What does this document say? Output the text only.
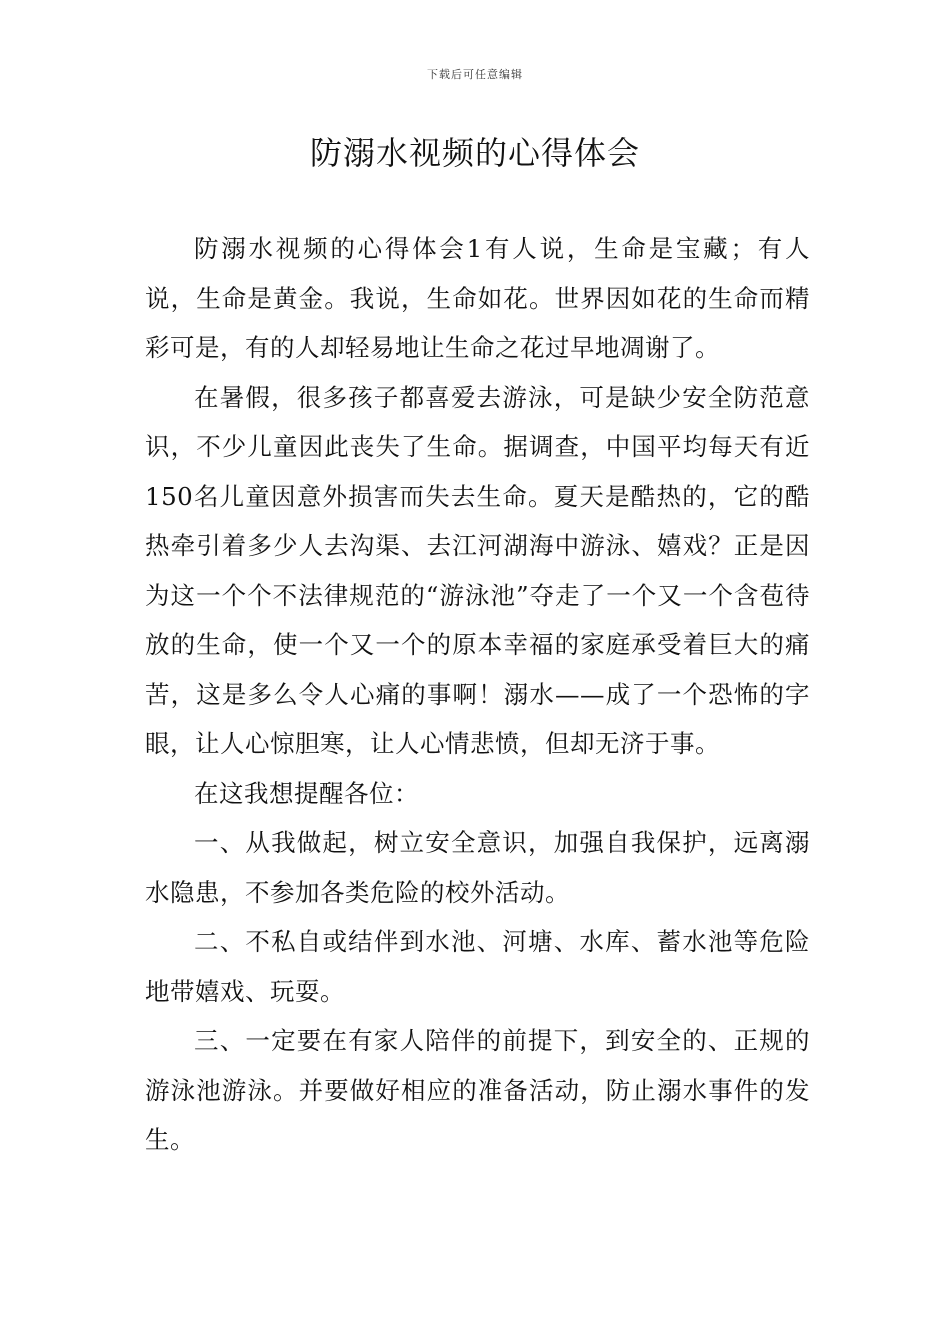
下载后可任意编辑
防溺水视频的心得体会

防溺水视频的心得体会1有人说，生命是宝藏；有人说，生命是黄金。我说，生命如花。世界因如花的生命而精彩可是，有的人却轻易地让生命之花过早地凋谢了。

在暑假，很多孩子都喜爱去游泳，可是缺少安全防范意识，不少儿童因此丧失了生命。据调查，中国平均每天有近150名儿童因意外损害而失去生命。夏天是酷热的，它的酷热牵引着多少人去沟渠、去江河湖海中游泳、嬉戏？正是因为这一个个不法律规范的“游泳池”夺走了一个又一个含苞待放的生命，使一个又一个的原本幸福的家庭承受着巨大的痛苦，这是多么令人心痛的事啊！溺水——成了一个恐怖的字眼，让人心惊胆寒，让人心情悲愤，但却无济于事。

在这我想提醒各位：

一、从我做起，树立安全意识，加强自我保护，远离溺水隐患，不参加各类危险的校外活动。

二、不私自或结伴到水池、河塘、水库、蓄水池等危险地带嬉戏、玩耍。

三、一定要在有家人陪伴的前提下，到安全的、正规的游泳池游泳。并要做好相应的准备活动，防止溺水事件的发生。
